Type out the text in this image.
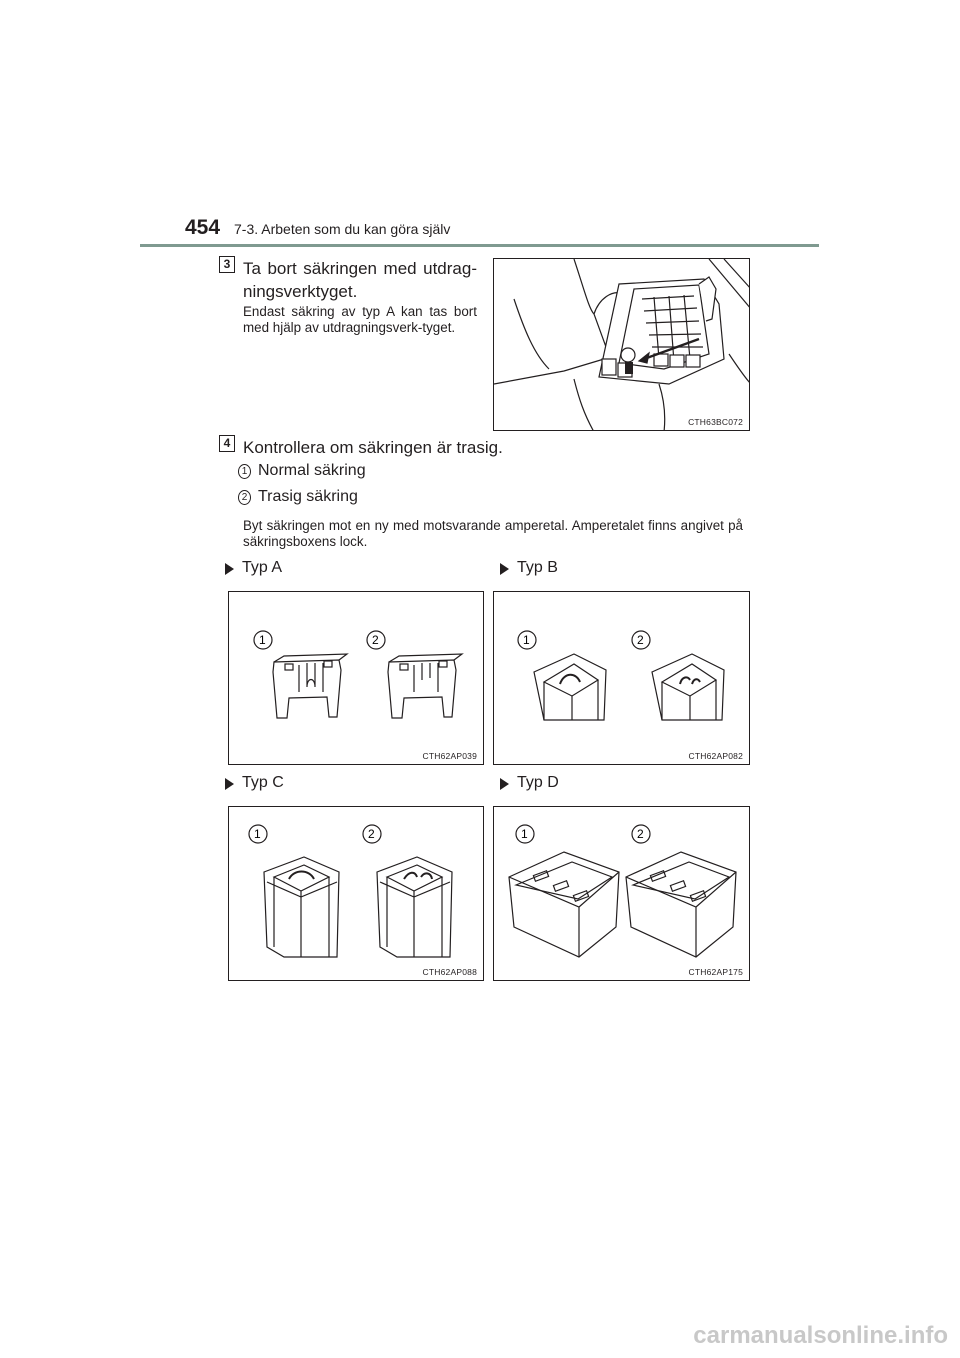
454 7-3. Arbeten som du kan göra själv
3 Ta bort säkringen med utdrag-ningsverktyget.
Endast säkring av typ A kan tas bort med hjälp av utdragningsverk-tyget.
CTH63BC072
4 Kontrollera om säkringen är trasig.
1 Normal säkring
2 Trasig säkring
Byt säkringen mot en ny med motsvarande amperetal. Amperetalet finns angivet på säkringsboxens lock.
Typ A
1	2
CTH62AP039
Typ B
1	2
CTH62AP082
Typ C
1	2
CTH62AP088
Typ D
1	2
CTH62AP175
carmanualsonline.info
